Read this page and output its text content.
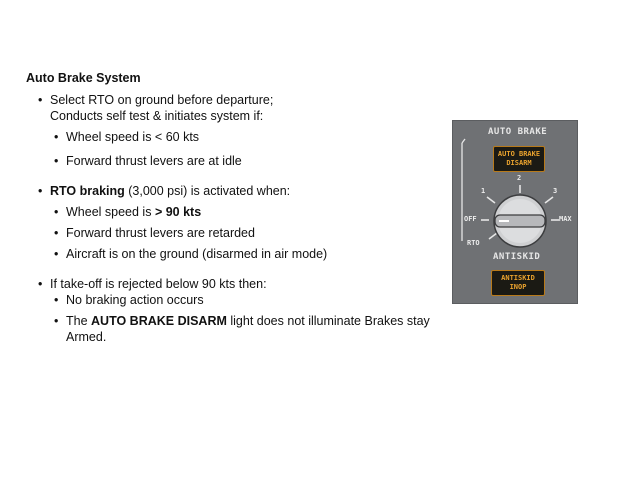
Auto Brake System
• Select RTO on ground before departure;
Conducts self test & initiates system if:
• Wheel speed is < 60 kts
• Forward thrust levers are at idle
• RTO braking (3,000 psi) is activated when:
• Wheel speed is > 90 kts
• Forward thrust levers are retarded
• Aircraft is on the ground (disarmed in air mode)
• If take-off is rejected below 90 kts then:
• No braking action occurs
• The AUTO BRAKE DISARM light does not illuminate Brakes stay
Armed.
AUTO BRAKE
AUTO BRAKE
DISARM
2
1	3
OFF	MAX
RTO
ANTISKID
ANTISKID
INOP
